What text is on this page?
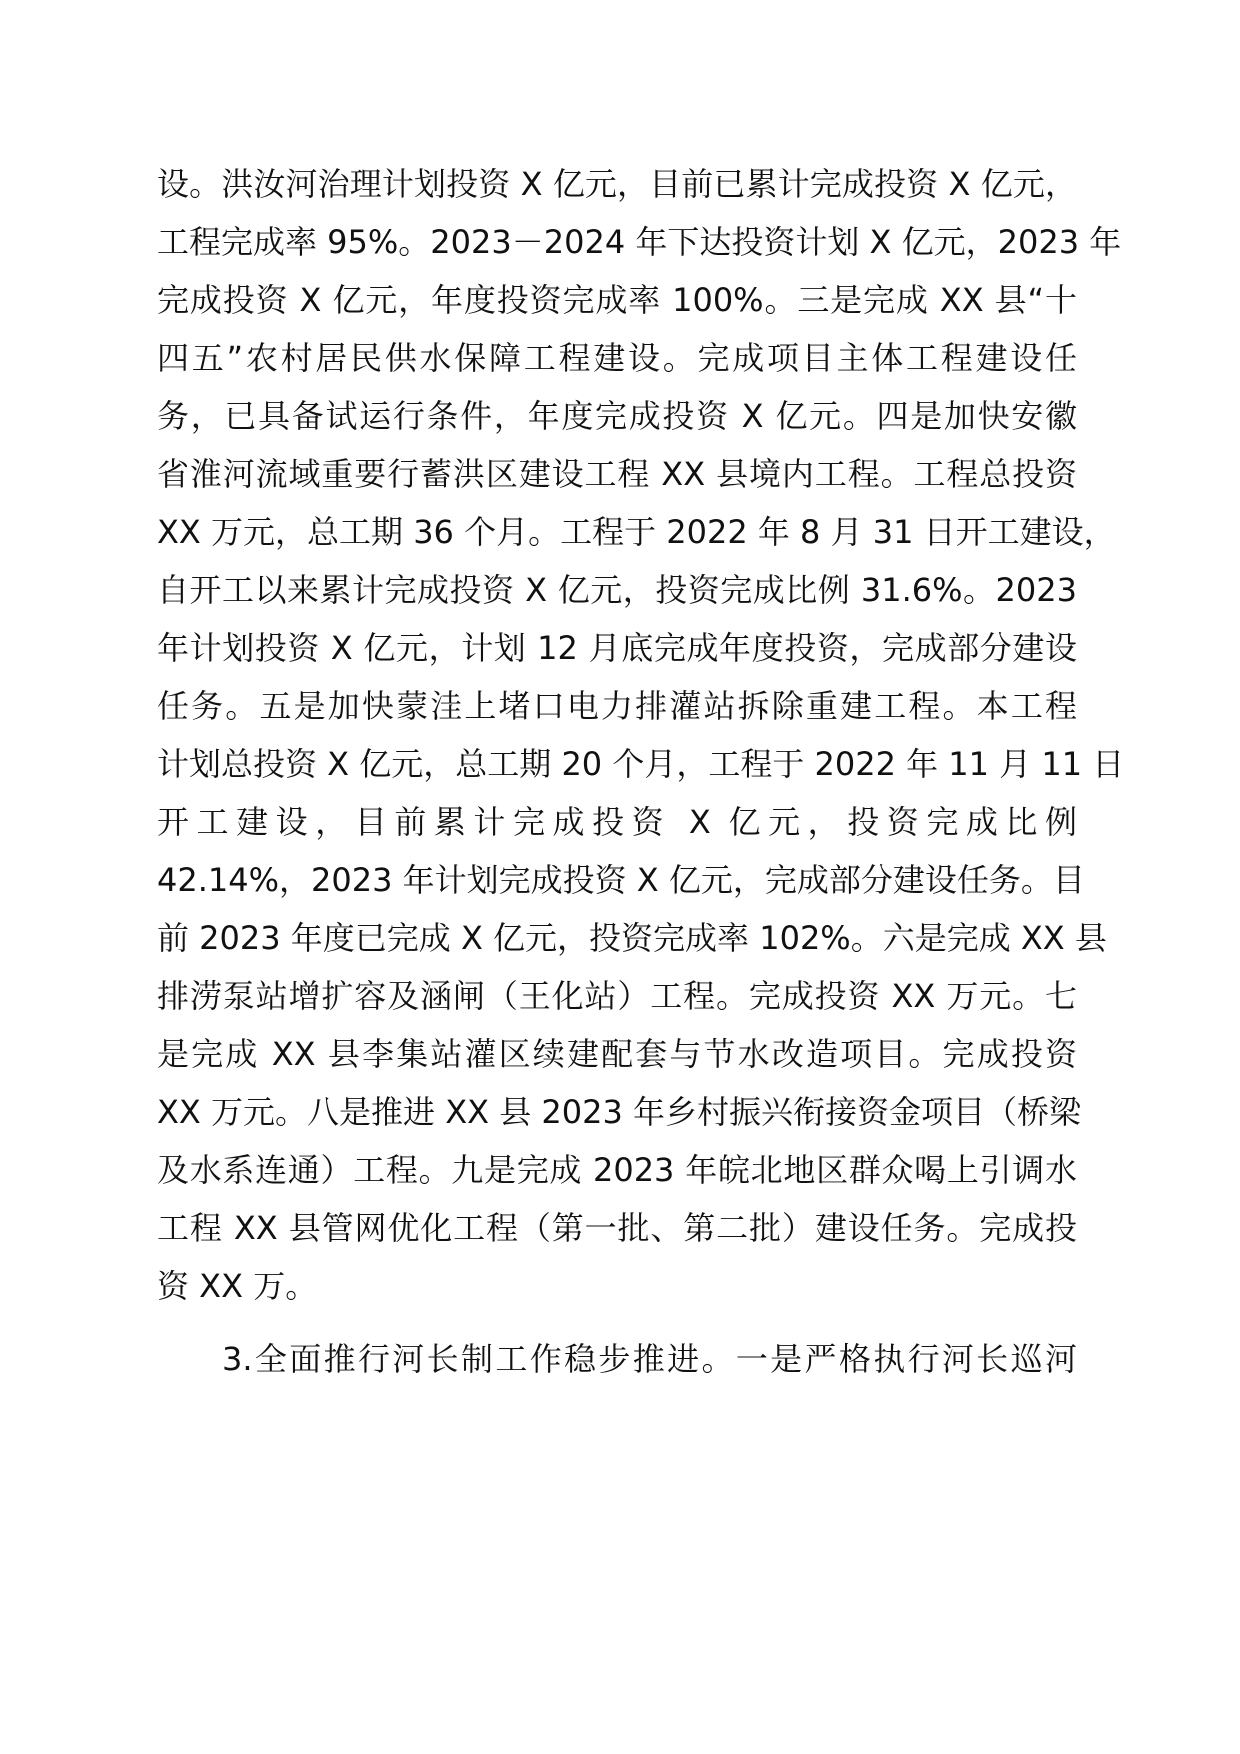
设。洪汝河治理计划投资 X 亿元，目前已累计完成投资 X 亿元，

工程完成率 95%。2023－2024 年下达投资计划 X 亿元，2023 年

完成投资 X 亿元，年度投资完成率 100%。三是完成 XX 县“十

四五”农村居民供水保障工程建设。完成项目主体工程建设任

务，已具备试运行条件，年度完成投资 X 亿元。四是加快安徽

省淮河流域重要行蓄洪区建设工程 XX 县境内工程。工程总投资

XX 万元，总工期 36 个月。工程于 2022 年 8 月 31 日开工建设，

自开工以来累计完成投资 X 亿元，投资完成比例 31.6%。2023

年计划投资 X 亿元，计划 12 月底完成年度投资，完成部分建设

任务。五是加快蒙洼上堵口电力排灌站拆除重建工程。本工程

计划总投资 X 亿元，总工期 20 个月，工程于 2022 年 11 月 11 日

开工建设，目前累计完成投资 X 亿元，投资完成比例

42.14%，2023 年计划完成投资 X 亿元，完成部分建设任务。目

前 2023 年度已完成 X 亿元，投资完成率 102%。六是完成 XX 县

排涝泵站增扩容及涵闸（王化站）工程。完成投资 XX 万元。七

是完成 XX 县李集站灌区续建配套与节水改造项目。完成投资

XX 万元。八是推进 XX 县 2023 年乡村振兴衔接资金项目（桥梁

及水系连通）工程。九是完成 2023 年皖北地区群众喝上引调水

工程 XX 县管网优化工程（第一批、第二批）建设任务。完成投

资 XX 万。

3.全面推行河长制工作稳步推进。一是严格执行河长巡河
